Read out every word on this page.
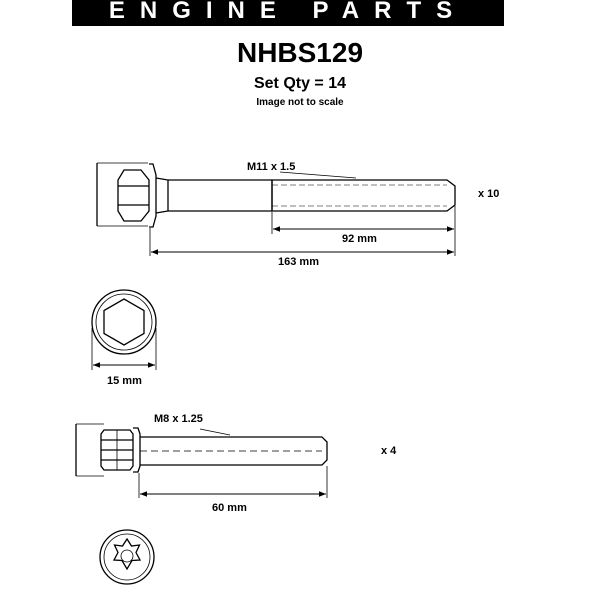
ENGINE PARTS
NHBS129
Set Qty = 14
Image not to scale
M11 x 1.5
x 10
92 mm
163 mm
15 mm
M8 x 1.25
x 4
60 mm
